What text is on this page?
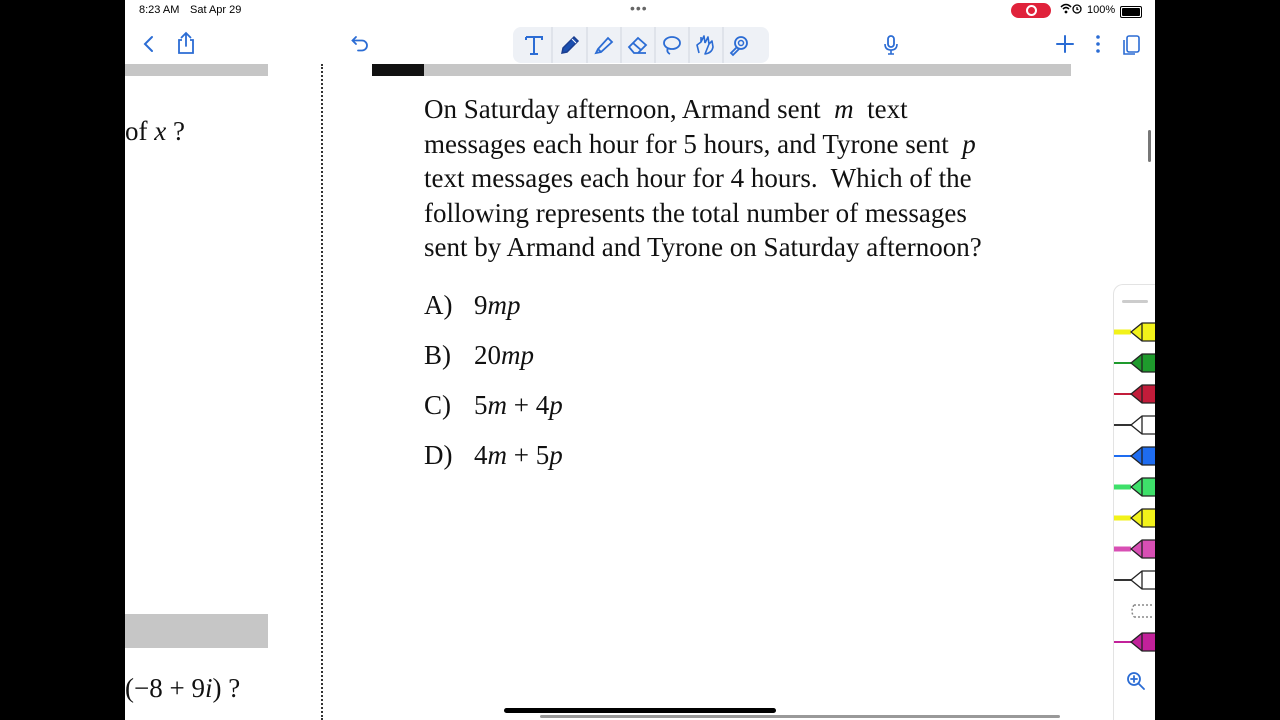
8:23 AM Sat Apr 29	•••	100%
of x ?
(−8 + 9i) ?
On Saturday afternoon, Armand sent  m  text
messages each hour for 5 hours, and Tyrone sent  p
text messages each hour for 4 hours.  Which of the
following represents the total number of messages
sent by Armand and Tyrone on Saturday afternoon?
A) 9mp
B) 20mp
C) 5m + 4p
D) 4m + 5p
